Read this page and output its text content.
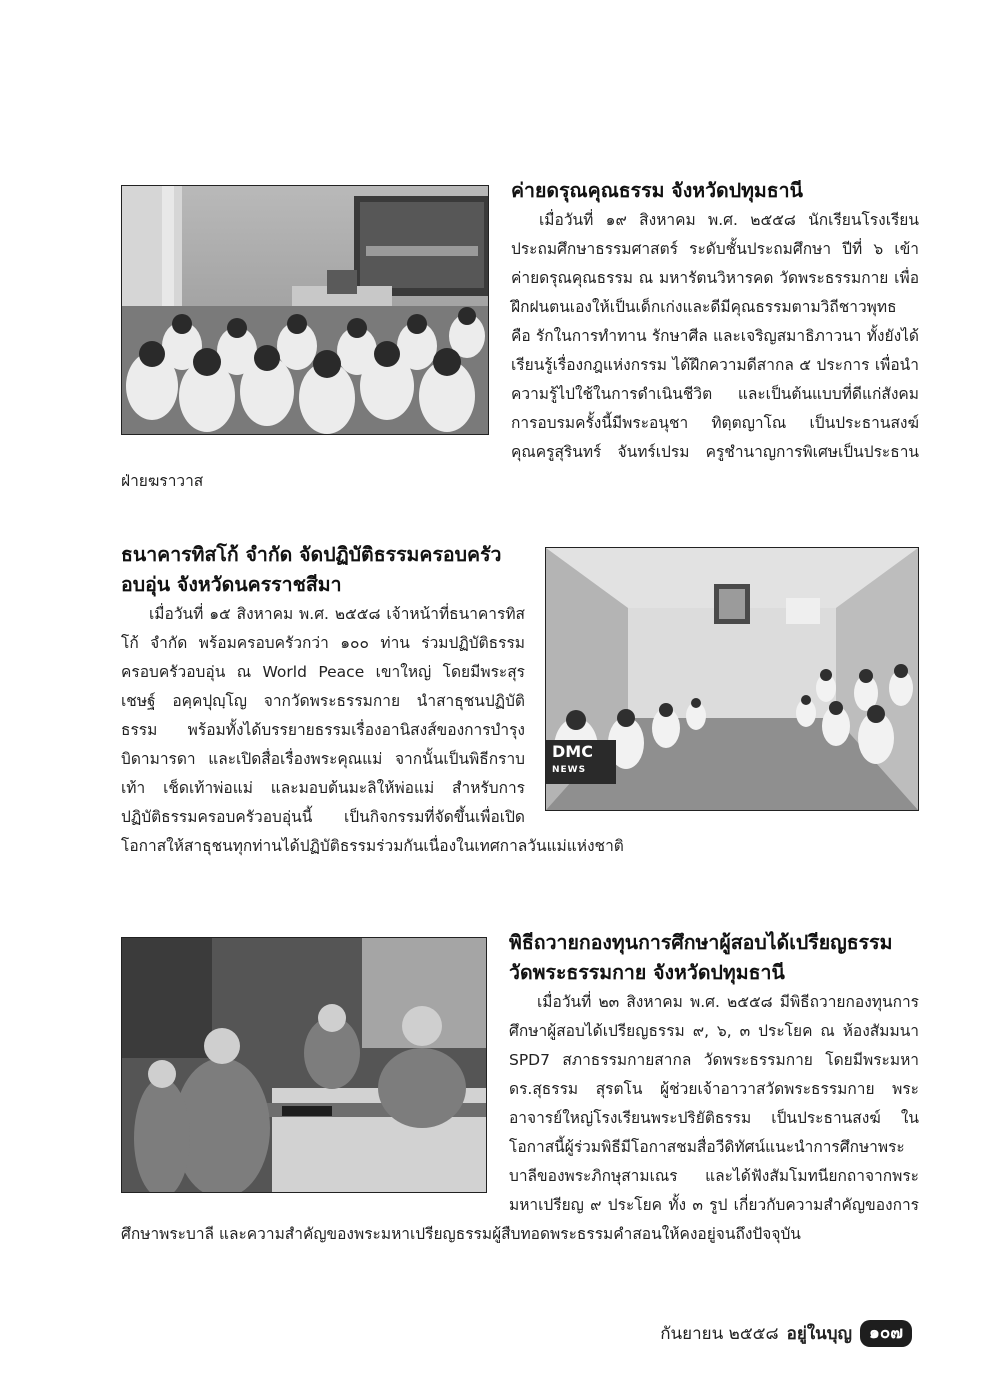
ค่ายดรุณคุณธรรม จังหวัดปทุมธานี

เมื่อวันที่ ๑๙ สิงหาคม พ.ศ. ๒๕๕๘ นักเรียนโรงเรียนประถมศึกษาธรรมศาสตร์ ระดับชั้นประถมศึกษา ปีที่ ๖ เข้าค่ายดรุณคุณธรรม ณ มหารัตนวิหารคด วัดพระธรรมกาย เพื่อฝึกฝนตนเองให้เป็นเด็กเก่งและดีมีคุณธรรมตามวิถีชาวพุทธ คือ รักในการทำทาน รักษาศีล และเจริญสมาธิภาวนา ทั้งยังได้เรียนรู้เรื่องกฎแห่งกรรม ได้ฝึกความดีสากล ๕ ประการ เพื่อนำความรู้ไปใช้ในการดำเนินชีวิต และเป็นต้นแบบที่ดีแก่สังคม การอบรมครั้งนี้มีพระอนุชา ทิตฺตญาโณ เป็นประธานสงฆ์ คุณครูสุรินทร์ จันทร์เปรม ครูชำนาญการพิเศษเป็นประธานฝ่ายฆราวาส

DMC
NEWS
ธนาคารทิสโก้ จำกัด จัดปฏิบัติธรรมครอบครัว
อบอุ่น จังหวัดนครราชสีมา

เมื่อวันที่ ๑๕ สิงหาคม พ.ศ. ๒๕๕๘ เจ้าหน้าที่ธนาคารทิสโก้ จำกัด พร้อมครอบครัวกว่า ๑๐๐ ท่าน ร่วมปฏิบัติธรรมครอบครัวอบอุ่น ณ World Peace เขาใหญ่ โดยมีพระสุรเชษฐ์ อคฺคปุญฺโญ จากวัดพระธรรมกาย นำสาธุชนปฏิบัติธรรม พร้อมทั้งได้บรรยายธรรมเรื่องอานิสงส์ของการบำรุงบิดามารดา และเปิดสื่อเรื่องพระคุณแม่ จากนั้นเป็นพิธีกราบเท้า เช็ดเท้าพ่อแม่ และมอบต้นมะลิให้พ่อแม่ สำหรับการปฏิบัติธรรมครอบครัวอบอุ่นนี้ เป็นกิจกรรมที่จัดขึ้นเพื่อเปิดโอกาสให้สาธุชนทุกท่านได้ปฏิบัติธรรมร่วมกันเนื่องในเทศกาลวันแม่แห่งชาติ

พิธีถวายกองทุนการศึกษาผู้สอบได้เปรียญธรรม
วัดพระธรรมกาย จังหวัดปทุมธานี

เมื่อวันที่ ๒๓ สิงหาคม พ.ศ. ๒๕๕๘ มีพิธีถวายกองทุนการศึกษาผู้สอบได้เปรียญธรรม ๙, ๖, ๓ ประโยค ณ ห้องสัมมนา SPD7 สภาธรรมกายสากล วัดพระธรรมกาย โดยมีพระมหาดร.สุธรรม สุรตโน ผู้ช่วยเจ้าอาวาสวัดพระธรรมกาย พระอาจารย์ใหญ่โรงเรียนพระปริยัติธรรม เป็นประธานสงฆ์ ในโอกาสนี้ผู้ร่วมพิธีมีโอกาสชมสื่อวีดิทัศน์แนะนำการศึกษาพระบาลีของพระภิกษุสามเณร และได้ฟังสัมโมทนียกถาจากพระมหาเปรียญ ๙ ประโยค ทั้ง ๓ รูป เกี่ยวกับความสำคัญของการศึกษาพระบาลี และความสำคัญของพระมหาเปรียญธรรมผู้สืบทอดพระธรรมคำสอนให้คงอยู่จนถึงปัจจุบัน

กันยายน ๒๕๕๘ อยู่ในบุญ	๑๐๗
